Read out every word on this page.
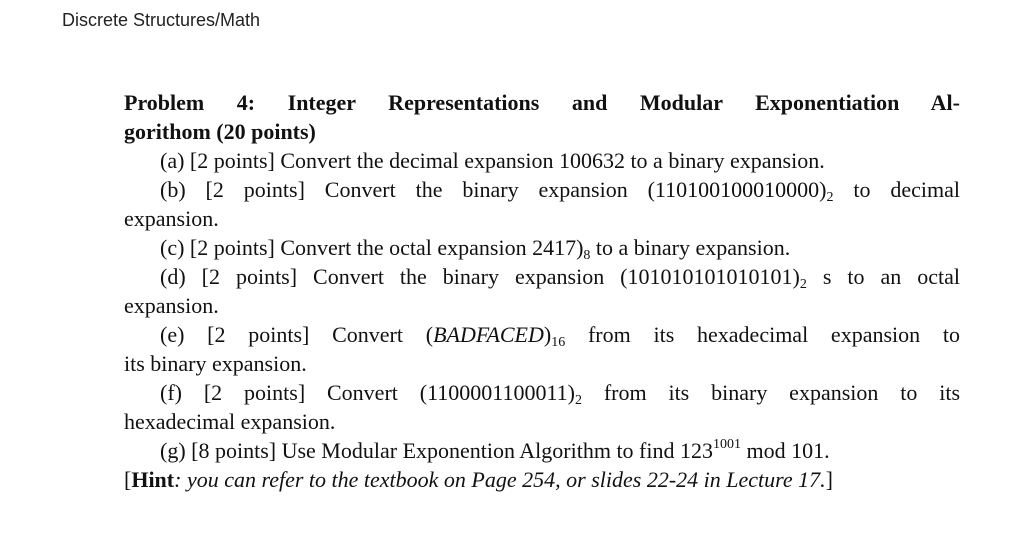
Discrete Structures/Math
Problem 4: Integer Representations and Modular Exponentiation Al-
gorithom (20 points)
(a) [2 points] Convert the decimal expansion 100632 to a binary expansion.
(b) [2 points] Convert the binary expansion $(110100100010000)_2$ to decimal
expansion.
(c) [2 points] Convert the octal expansion $2417)_8$ to a binary expansion.
(d) [2 points] Convert the binary expansion $(101010101010101)_2$ s to an octal
expansion.
(e) [2 points] Convert $(BADFACED)_{16}$ from its hexadecimal expansion to
its binary expansion.
(f) [2 points] Convert $(1100001100011)_2$ from its binary expansion to its
hexadecimal expansion.
(g) [8 points] Use Modular Exponention Algorithm to find $123^{1001}$ mod 101.
[Hint: you can refer to the textbook on Page 254, or slides 22-24 in Lecture 17.]
